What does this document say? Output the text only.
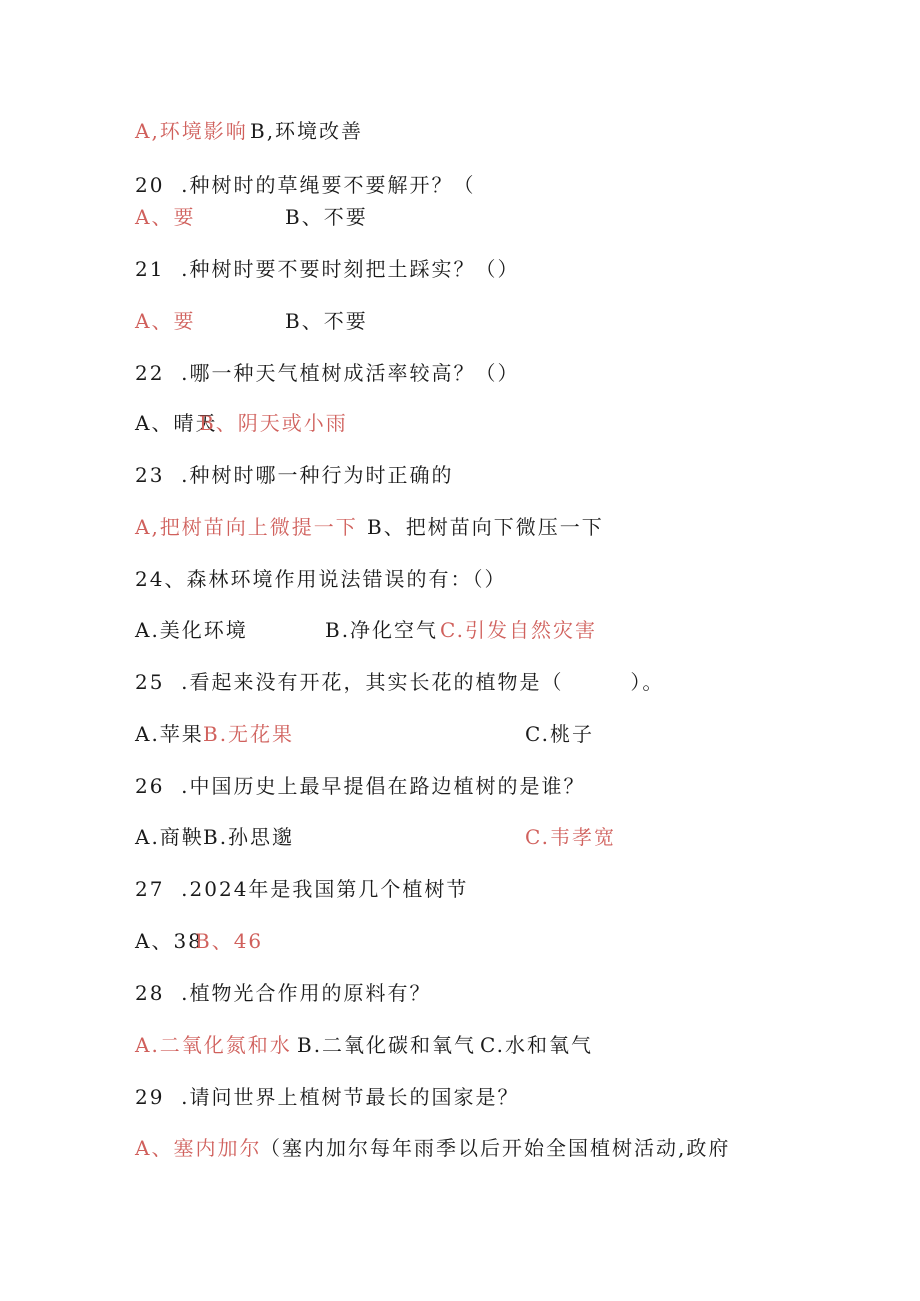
A,环境影响 B,环境改善
20  .种树时的草绳要不要解开？（
A、要	B、不要
21  .种树时要不要时刻把土踩实？（）
A、要	B、不要
22  .哪一种天气植树成活率较高？（）
A、晴天
B、阴天或小雨
23  .种树时哪一种行为时正确的
A,把树苗向上微提一下 B、把树苗向下微压一下
24、森林环境作用说法错误的有：（）
A.美化环境	B.净化空气 C.引发自然灾害
25  .看起来没有开花，其实长花的植物是（        ）。
A.苹果 B.无花果	C.桃子
26  .中国历史上最早提倡在路边植树的是谁？
A.商鞅 B.孙思邈	C.韦孝宽
27  .2024年是我国第几个植树节
A、38
B、46
28  .植物光合作用的原料有？
A.二氧化氮和水 B.二氧化碳和氧气 C.水和氧气
29  .请问世界上植树节最长的国家是？
A、塞内加尔
（塞内加尔每年雨季以后开始全国植树活动,政府
